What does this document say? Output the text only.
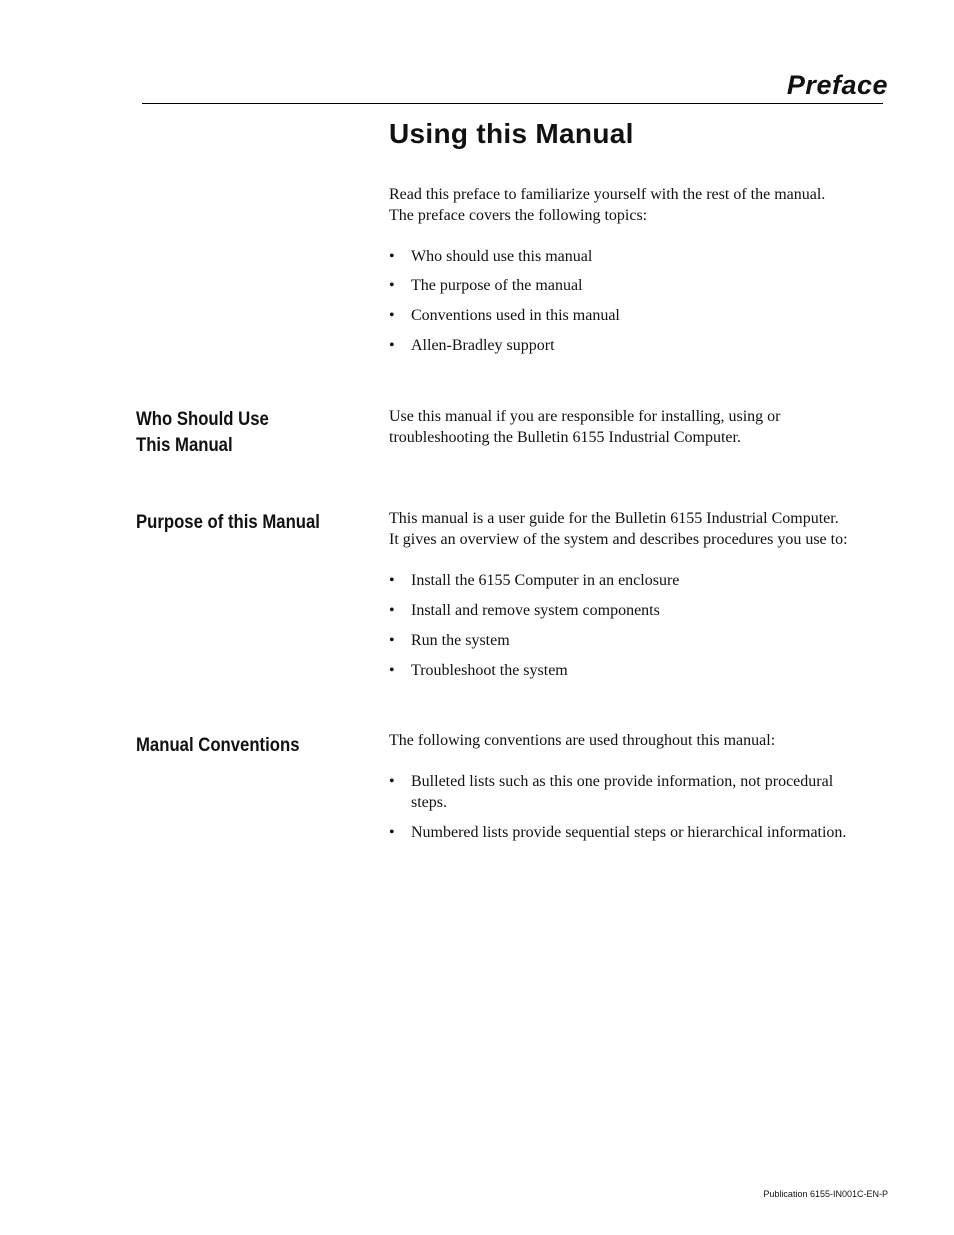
Preface
Using this Manual

Read this preface to familiarize yourself with the rest of the manual.
The preface covers the following topics:

• Who should use this manual
• The purpose of the manual
• Conventions used in this manual
• Allen-Bradley support
Who Should Use
This Manual

Use this manual if you are responsible for installing, using or
troubleshooting the Bulletin 6155 Industrial Computer.

Purpose of this Manual	This manual is a user guide for the Bulletin 6155 Industrial Computer.
It gives an overview of the system and describes procedures you use to:

• Install the 6155 Computer in an enclosure
• Install and remove system components
• Run the system
• Troubleshoot the system
Manual Conventions	The following conventions are used throughout this manual:

• Bulleted lists such as this one provide information, not procedural
steps.
• Numbered lists provide sequential steps or hierarchical information.
Publication 6155-IN001C-EN-P
